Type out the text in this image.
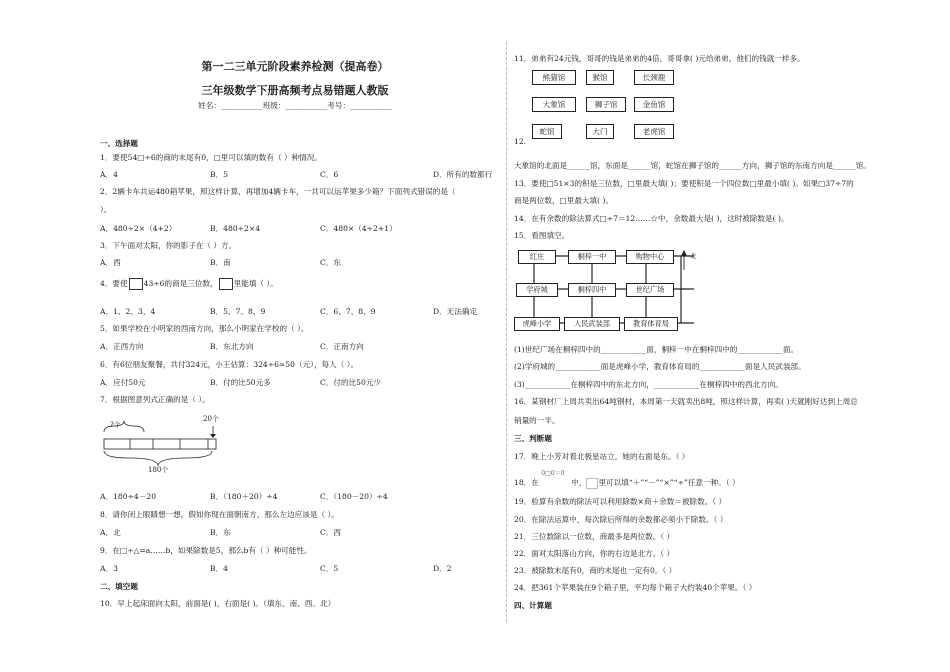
第一二三单元阶段素养检测（提高卷）
三年级数学下册高频考点易错题人教版
姓名：___________班级：___________考号：___________
一、选择题
1．要使54□÷6的商的末尾有0，□里可以填的数有（ ）种情况。
A．4	B．5	C．6	D．所有的数都行
2．2辆卡车共运480箱苹果，照这样计算，再增加4辆卡车，一共可以运苹果多少箱？下面列式错误的是（
）。
A．480÷2×（4+2）	B．480÷2×4	C．480×（4÷2+1）
3．下午面对太阳，你的影子在（ ）方。
A．西	B．南	C．东
4．要使 43÷6的商是三位数， 里能填（ ）。
A．1、2、3、4	B．5、7、8、9	C．6、7、8、9	D．无法确定
5．如果学校在小明家的西南方向，那么小明家在学校的（ ）。
A．正西方向	B．东北方向	C．正南方向
6．有6位朋友聚餐，共付324元，小王估算：324÷6≈50（元），每人（ ）。
A．应付50元	B．付的比50元多	C．付的比50元少
7．根据图意列式正确的是（ ）。
?个
20个
180个
A．180÷4－20	B．（180＋20）÷4	C．（180－20）÷4
8．请你闭上眼睛想一想，假如你现在面朝南方，那么左边应该是（ ）。
A．北	B．东	C．西
9．在□÷△=a……b，如果除数是5，那么b有（ ）种可能性。
A．3	B．4	C．5	D．2
二、填空题
10．早上起床面向太阳，前面是( )，右面是( )。（填东、南、西、北）
11．弟弟有24元钱，哥哥的钱是弟弟的4倍，哥哥拿( )元给弟弟，他们的钱就一样多。
熊猫馆	猴馆	长颈鹿
大象馆	狮子馆	金鱼馆
蛇馆	大门	老虎馆
12.
大象馆的北面是______馆，东面是______馆，蛇馆在狮子馆的______方向，狮子馆的东南方向是______馆。
13．要使□51×3的积是三位数，□里最大填( )；要使积是一个四位数□里最小填( )。如果□37÷7的
商是两位数，□里最大填( )。
14．在有余数的除法算式□÷7＝12……☆中，余数最大是( )，这时被除数是( )。
15．看图填空。
红庄	桐梓一中	购物中心
学府城	桐梓四中	世纪广场
虎峰小学	人民武装部	教育体育局
北
(1)世纪广场在桐梓四中的____________面，桐梓一中在桐梓四中的____________面。
(2)学府城的____________面是虎峰小学，教育体育局的____________面是人民武装部。
(3)____________在桐梓四中的东北方向，____________在桐梓四中的西北方向。
16．某钢材厂上周共卖出64吨钢材，本周第一天就卖出8吨，照这样计算，再卖( )天就刚好达到上周总
销量的一半。
三、判断题
17．晚上小芳对着北极星站立，她的右面是东。（ ）
18．在
0□0＝0
中， 里可以填“＋”“－”“×”“÷”任意一种。（ ）
19．验算有余数的除法可以利用除数×商＋余数＝被除数。（ ）
20．在除法运算中，每次除后所得的余数都必须小于除数。（ ）
21．三位数除以一位数，商最多是两位数。（ ）
22．面对太阳落山方向，你的右边是北方。（ ）
23．被除数末尾有0，商的末尾也一定有0。（ ）
24．把361个苹果装在9个箱子里，平均每个箱子大约装40个苹果。（ ）
四、计算题
